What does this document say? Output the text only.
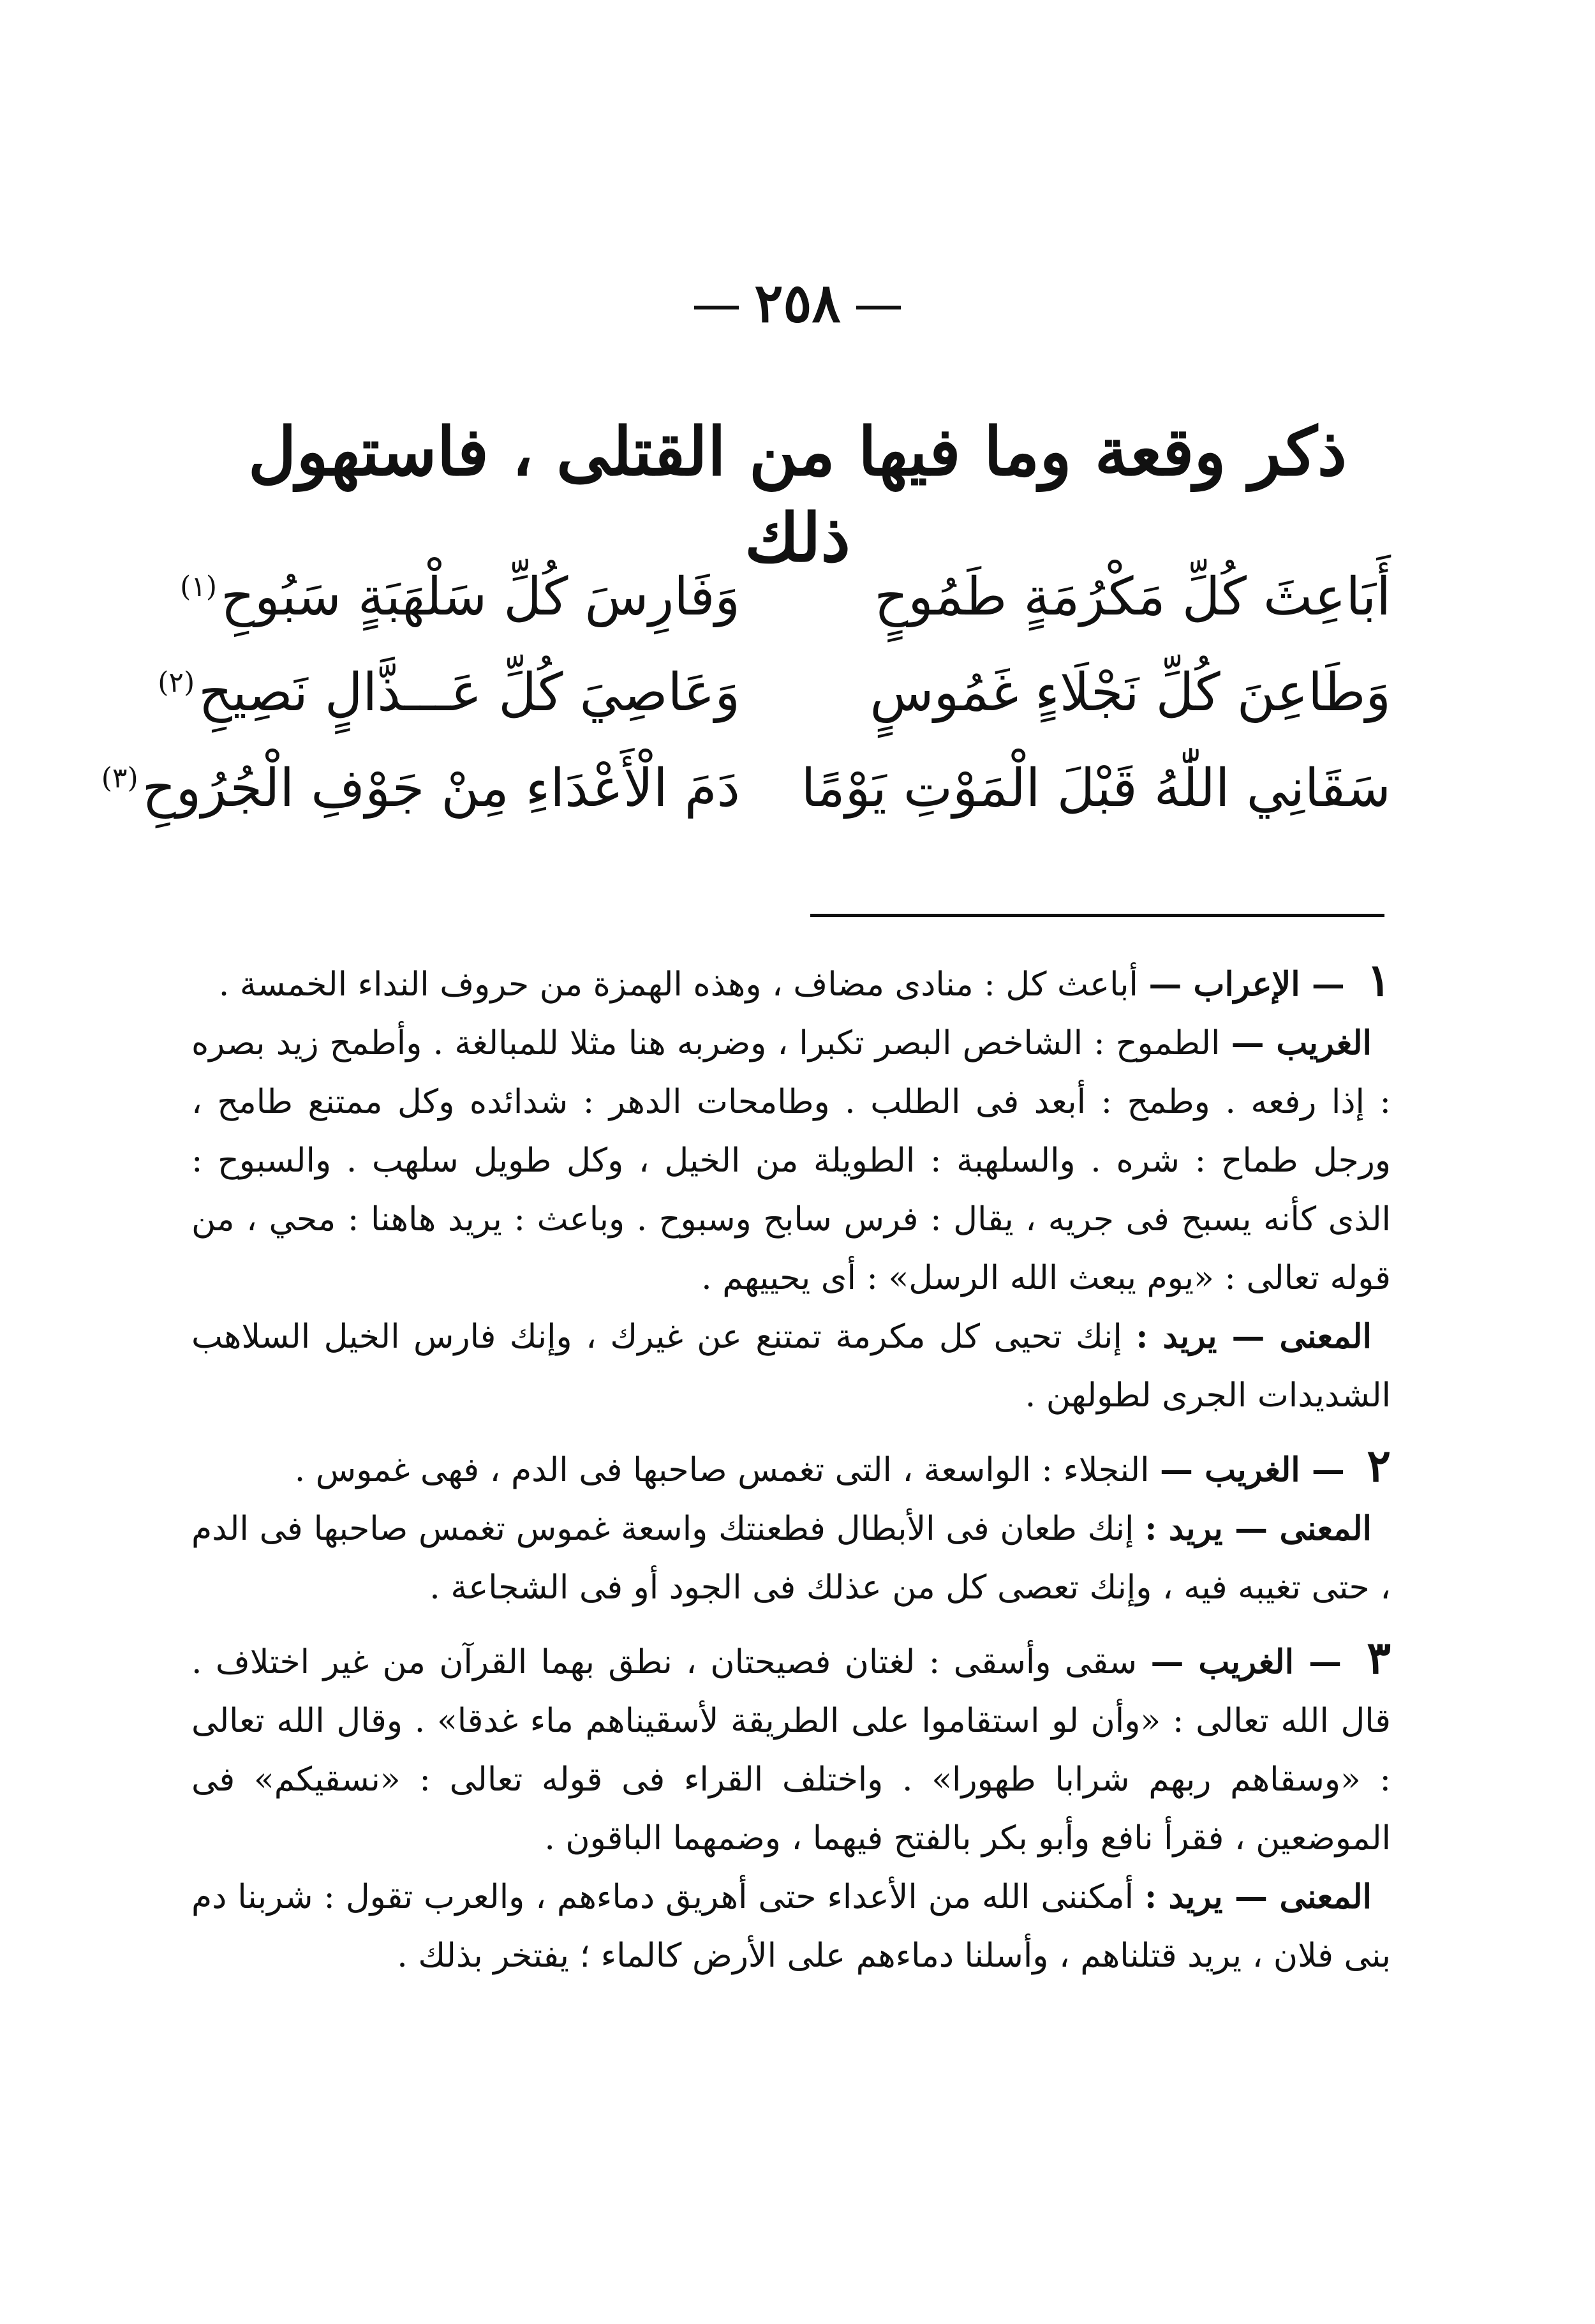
٢٥٨
ذكر وقعة وما فيها من القتلى ، فاستهول ذلك
أَبَاعِثَ كُلِّ مَكْرُمَةٍ طَمُوحٍ
وَفَارِسَ كُلِّ سَلْهَبَةٍ سَبُوحِ$^{(١)}$
وَطَاعِنَ كُلِّ نَجْلَاءٍ غَمُوسٍ
وَعَاصِيَ كُلِّ عَـــذَّالٍ نَصِيحِ$^{(٢)}$
سَقَانِي اللّٰهُ قَبْلَ الْمَوْتِ يَوْمًا
دَمَ الْأَعْدَاءِ مِنْ جَوْفِ الْجُرُوحِ$^{(٣)}$

١ — الإعراب — أباعث كل : منادى مضاف ، وهذه الهمزة من حروف النداء الخمسة .

الغريب — الطموح : الشاخص البصر تكبرا ، وضربه هنا مثلا للمبالغة . وأطمح زيد بصره : إذا رفعه . وطمح : أبعد فى الطلب . وطامحات الدهر : شدائده وكل ممتنع طامح ، ورجل طماح : شره . والسلهبة : الطويلة من الخيل ، وكل طويل سلهب . والسبوح : الذى كأنه يسبح فى جريه ، يقال : فرس سابح وسبوح . وباعث : يريد هاهنا : محي ، من قوله تعالى : «يوم يبعث الله الرسل» : أى يحييهم .

المعنى — يريد : إنك تحيى كل مكرمة تمتنع عن غيرك ، وإنك فارس الخيل السلاهب الشديدات الجرى لطولهن .

٢ — الغريب — النجلاء : الواسعة ، التى تغمس صاحبها فى الدم ، فهى غموس .

المعنى — يريد : إنك طعان فى الأبطال فطعنتك واسعة غموس تغمس صاحبها فى الدم ، حتى تغيبه فيه ، وإنك تعصى كل من عذلك فى الجود أو فى الشجاعة .

٣ — الغريب — سقى وأسقى : لغتان فصيحتان ، نطق بهما القرآن من غير اختلاف . قال الله تعالى : «وأن لو استقاموا على الطريقة لأسقيناهم ماء غدقا» . وقال الله تعالى : «وسقاهم ربهم شرابا طهورا» . واختلف القراء فى قوله تعالى : «نسقيكم» فى الموضعين ، فقرأ نافع وأبو بكر بالفتح فيهما ، وضمهما الباقون .

المعنى — يريد : أمكننى الله من الأعداء حتى أهريق دماءهم ، والعرب تقول : شربنا دم بنى فلان ، يريد قتلناهم ، وأسلنا دماءهم على الأرض كالماء ؛ يفتخر بذلك .
